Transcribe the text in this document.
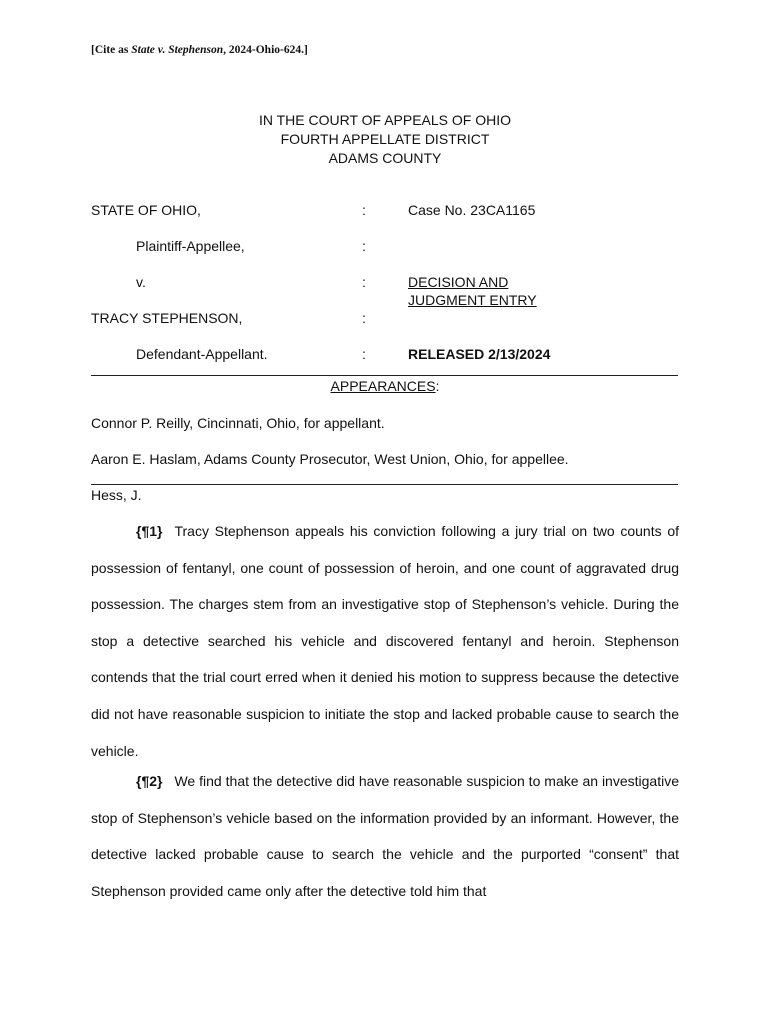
[Cite as State v. Stephenson, 2024-Ohio-624.]
IN THE COURT OF APPEALS OF OHIO
FOURTH APPELLATE DISTRICT
ADAMS COUNTY
STATE OF OHIO,	:	Case No. 23CA1165
Plaintiff-Appellee,	:
v.	:	DECISION AND
JUDGMENT ENTRY
TRACY STEPHENSON,	:
Defendant-Appellant.	:	RELEASED 2/13/2024
APPEARANCES:
Connor P. Reilly, Cincinnati, Ohio, for appellant.
Aaron E. Haslam, Adams County Prosecutor, West Union, Ohio, for appellee.
Hess, J.

{¶1} Tracy Stephenson appeals his conviction following a jury trial on two counts of possession of fentanyl, one count of possession of heroin, and one count of aggravated drug possession. The charges stem from an investigative stop of Stephenson’s vehicle. During the stop a detective searched his vehicle and discovered fentanyl and heroin. Stephenson contends that the trial court erred when it denied his motion to suppress because the detective did not have reasonable suspicion to initiate the stop and lacked probable cause to search the vehicle.

{¶2} We find that the detective did have reasonable suspicion to make an investigative stop of Stephenson’s vehicle based on the information provided by an informant. However, the detective lacked probable cause to search the vehicle and the purported “consent” that Stephenson provided came only after the detective told him that
